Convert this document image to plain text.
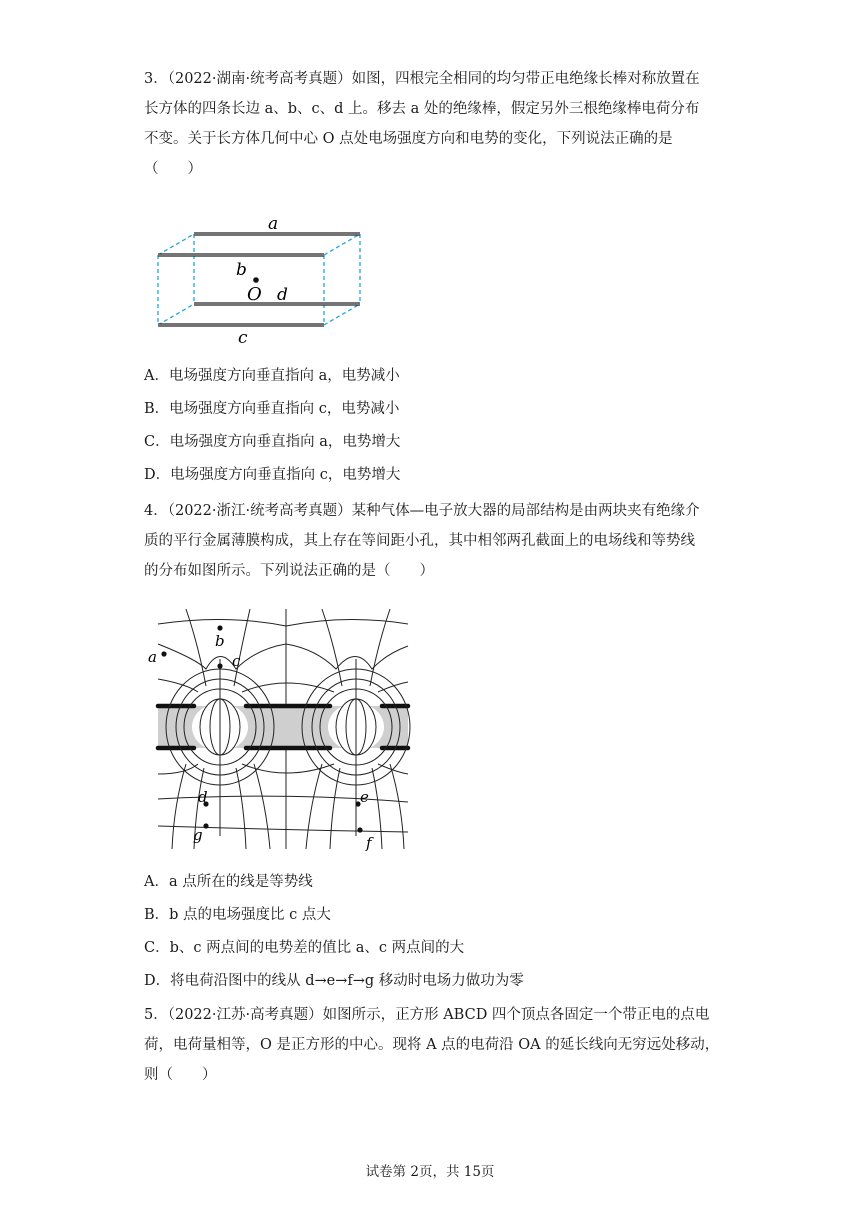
3．（2022·湖南·统考高考真题）如图，四根完全相同的均匀带正电绝缘长棒对称放置在
长方体的四条长边 a、b、c、d 上。移去 a 处的绝缘棒，假定另外三根绝缘棒电荷分布
不变。关于长方体几何中心 O 点处电场强度方向和电势的变化，下列说法正确的是
（　　）

a
b
O d
c

A．电场强度方向垂直指向 a，电势减小

B．电场强度方向垂直指向 c，电势减小

C．电场强度方向垂直指向 a，电势增大

D．电场强度方向垂直指向 c，电势增大

4．（2022·浙江·统考高考真题）某种气体—电子放大器的局部结构是由两块夹有绝缘介
质的平行金属薄膜构成，其上存在等间距小孔，其中相邻两孔截面上的电场线和等势线
的分布如图所示。下列说法正确的是（　　）

a
b
c
d
g
e
f

A．a 点所在的线是等势线

B．b 点的电场强度比 c 点大

C．b、c 两点间的电势差的值比 a、c 两点间的大

D．将电荷沿图中的线从 d→e→f→g 移动时电场力做功为零

5．（2022·江苏·高考真题）如图所示，正方形 ABCD 四个顶点各固定一个带正电的点电
荷，电荷量相等，O 是正方形的中心。现将 A 点的电荷沿 OA 的延长线向无穷远处移动，
则（　　）

试卷第 2页，共 15页
